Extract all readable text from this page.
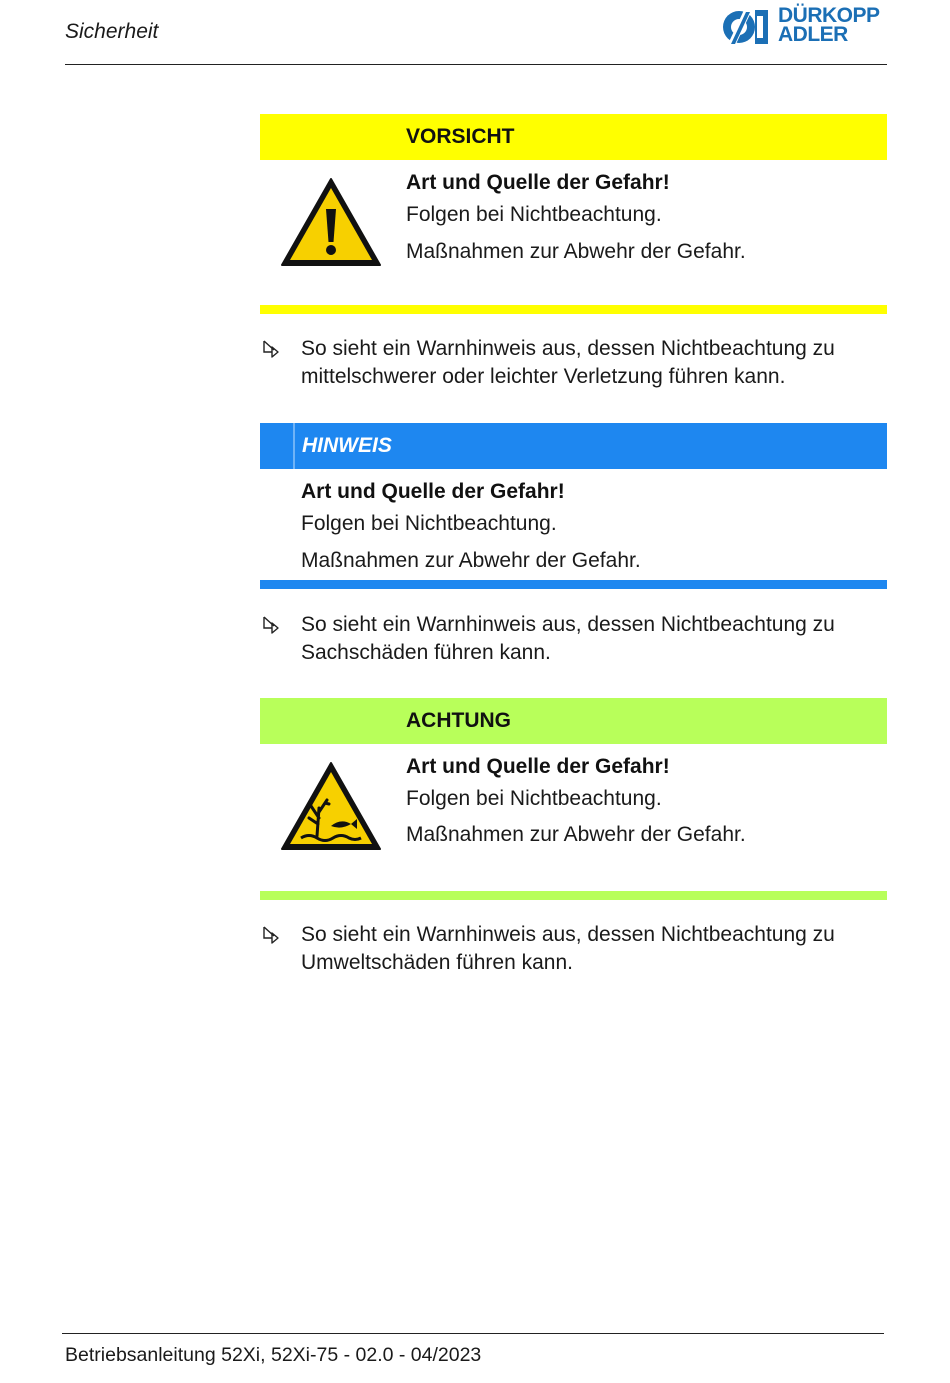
Sicherheit
DÜRKOPP
ADLER
VORSICHT
Art und Quelle der Gefahr!
Folgen bei Nichtbeachtung.
Maßnahmen zur Abwehr der Gefahr.
So sieht ein Warnhinweis aus, dessen Nichtbeachtung zu
mittelschwerer oder leichter Verletzung führen kann.
HINWEIS
Art und Quelle der Gefahr!
Folgen bei Nichtbeachtung.
Maßnahmen zur Abwehr der Gefahr.
So sieht ein Warnhinweis aus, dessen Nichtbeachtung zu
Sachschäden führen kann.
ACHTUNG
Art und Quelle der Gefahr!
Folgen bei Nichtbeachtung.
Maßnahmen zur Abwehr der Gefahr.
So sieht ein Warnhinweis aus, dessen Nichtbeachtung zu
Umweltschäden führen kann.
Betriebsanleitung 52Xi, 52Xi-75 - 02.0 - 04/2023
